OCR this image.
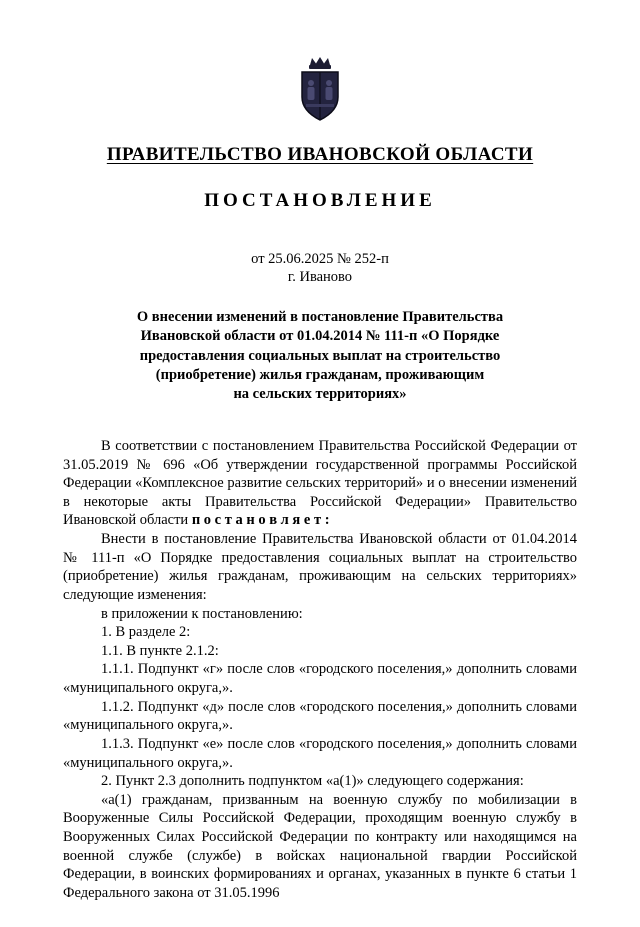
ПРАВИТЕЛЬСТВО ИВАНОВСКОЙ ОБЛАСТИ
ПОСТАНОВЛЕНИЕ
от 25.06.2025 № 252-п
г. Иваново
О внесении изменений в постановление Правительства
Ивановской области от 01.04.2014 № 111-п «О Порядке
предоставления социальных выплат на строительство
(приобретение) жилья гражданам, проживающим
на сельских территориях»

В соответствии с постановлением Правительства Российской Федерации от 31.05.2019 № 696 «Об утверждении государственной программы Российской Федерации «Комплексное развитие сельских территорий» и о внесении изменений в некоторые акты Правительства Российской Федерации» Правительство Ивановской области п о с т а н о в л я е т :

Внести в постановление Правительства Ивановской области от 01.04.2014 № 111-п «О Порядке предоставления социальных выплат на строительство (приобретение) жилья гражданам, проживающим на сельских территориях» следующие изменения:

в приложении к постановлению:

1. В разделе 2:

1.1. В пункте 2.1.2:

1.1.1. Подпункт «г» после слов «городского поселения,» дополнить словами «муниципального округа,».

1.1.2. Подпункт «д» после слов «городского поселения,» дополнить словами «муниципального округа,».

1.1.3. Подпункт «е» после слов «городского поселения,» дополнить словами «муниципального округа,».

2. Пункт 2.3 дополнить подпунктом «а(1)» следующего содержания:

«а(1) гражданам, призванным на военную службу по мобилизации в Вооруженные Силы Российской Федерации, проходящим военную службу в Вооруженных Силах Российской Федерации по контракту или находящимся на военной службе (службе) в войсках национальной гвардии Российской Федерации, в воинских формированиях и органах, указанных в пункте 6 статьи 1 Федерального закона от 31.05.1996
